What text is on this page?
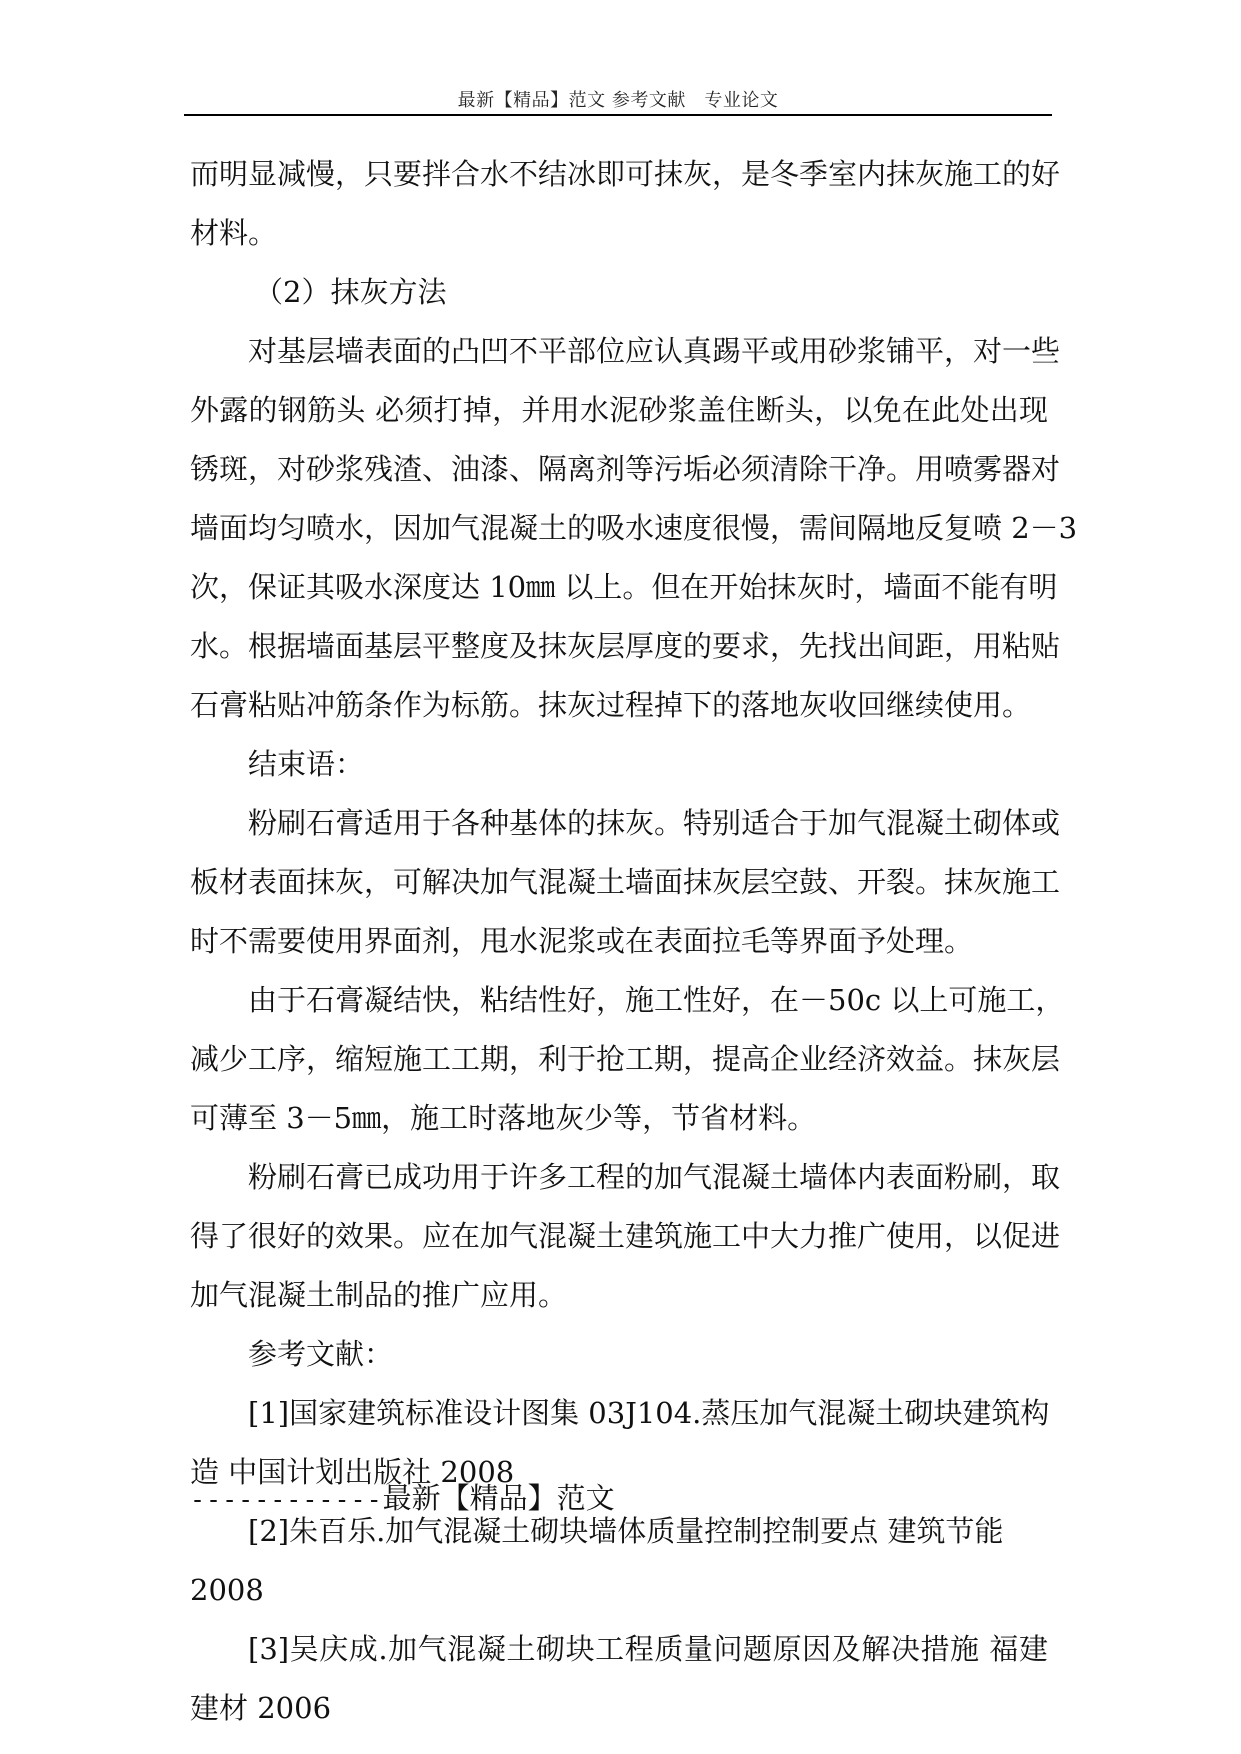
最新【精品】范文 参考文献　专业论文
而明显减慢，只要拌合水不结冰即可抹灰，是冬季室内抹灰施工的好
材料。
（2）抹灰方法
对基层墙表面的凸凹不平部位应认真踢平或用砂浆铺平，对一些
外露的钢筋头 必须打掉，并用水泥砂浆盖住断头，以免在此处出现
锈斑，对砂浆残渣、油漆、隔离剂等污垢必须清除干净。用喷雾器对
墙面均匀喷水，因加气混凝土的吸水速度很慢，需间隔地反复喷 2－3
次，保证其吸水深度达 10㎜ 以上。但在开始抹灰时，墙面不能有明
水。根据墙面基层平整度及抹灰层厚度的要求，先找出间距，用粘贴
石膏粘贴冲筋条作为标筋。抹灰过程掉下的落地灰收回继续使用。
结束语：
粉刷石膏适用于各种基体的抹灰。特别适合于加气混凝土砌体或
板材表面抹灰，可解决加气混凝土墙面抹灰层空鼓、开裂。抹灰施工
时不需要使用界面剂，甩水泥浆或在表面拉毛等界面予处理。
由于石膏凝结快，粘结性好，施工性好，在－50c 以上可施工，
减少工序，缩短施工工期，利于抢工期，提高企业经济效益。抹灰层
可薄至 3－5㎜，施工时落地灰少等，节省材料。
粉刷石膏已成功用于许多工程的加气混凝土墙体内表面粉刷，取
得了很好的效果。应在加气混凝土建筑施工中大力推广使用，以促进
加气混凝土制品的推广应用。
参考文献：
[1]国家建筑标准设计图集 03J104.蒸压加气混凝土砌块建筑构
造 中国计划出版社 2008
[2]朱百乐.加气混凝土砌块墙体质量控制控制要点 建筑节能
2008
[3]吴庆成.加气混凝土砌块工程质量问题原因及解决措施 福建
建材 2006
------------最新【精品】范文
